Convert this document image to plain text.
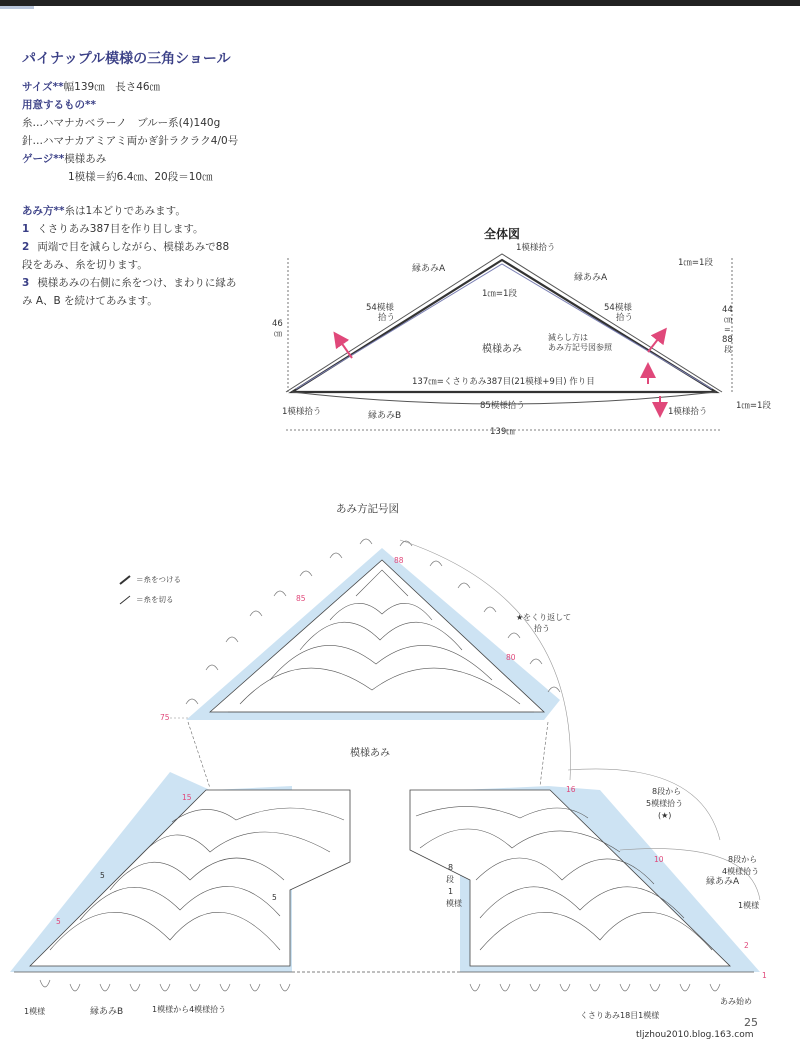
パイナップル模様の三角ショール
サイズ**幅139㎝　長さ46㎝
用意するもの**
糸…ハマナカベラーノ　ブルー系(4)140g
針…ハマナカアミアミ両かぎ針ラクラク4/0号
ゲージ**模様あみ
1模様＝約6.4㎝、20段＝10㎝
あみ方**糸は1本どりであみます。
1 くさりあみ387目を作り目します。
2 両端で目を減らしながら、模様あみで88
段をあみ、糸を切ります。
3 模様あみの右側に糸をつけ、まわりに縁あ
み A、B を続けてあみます。
全体図
1模様拾う
縁あみA
縁あみA
1㎝=1段
54模様
拾う
54模様
拾う
模様あみ
減らし方は
あみ方記号図参照
46
㎝
1㎝=1段
44
㎝
=
88
段
137㎝=くさりあみ387目(21模様+9目) 作り目
85模様拾う
1模様拾う	1模様拾う
1㎝=1段
縁あみB
139㎝
あみ方記号図
＝糸をつける
＝糸を切る
88
85
80
75
★をくり返して
拾う
模様あみ
8段から
5模様拾う
(★)
8段から
4模様拾う
縁あみA
1模様
16
15
10
5
2
1
5
8
段
1
模様
1模様	縁あみB	1模様から4模様拾う
くさりあみ18目1模様
あみ始め
5
25
tljzhou2010.blog.163.com
